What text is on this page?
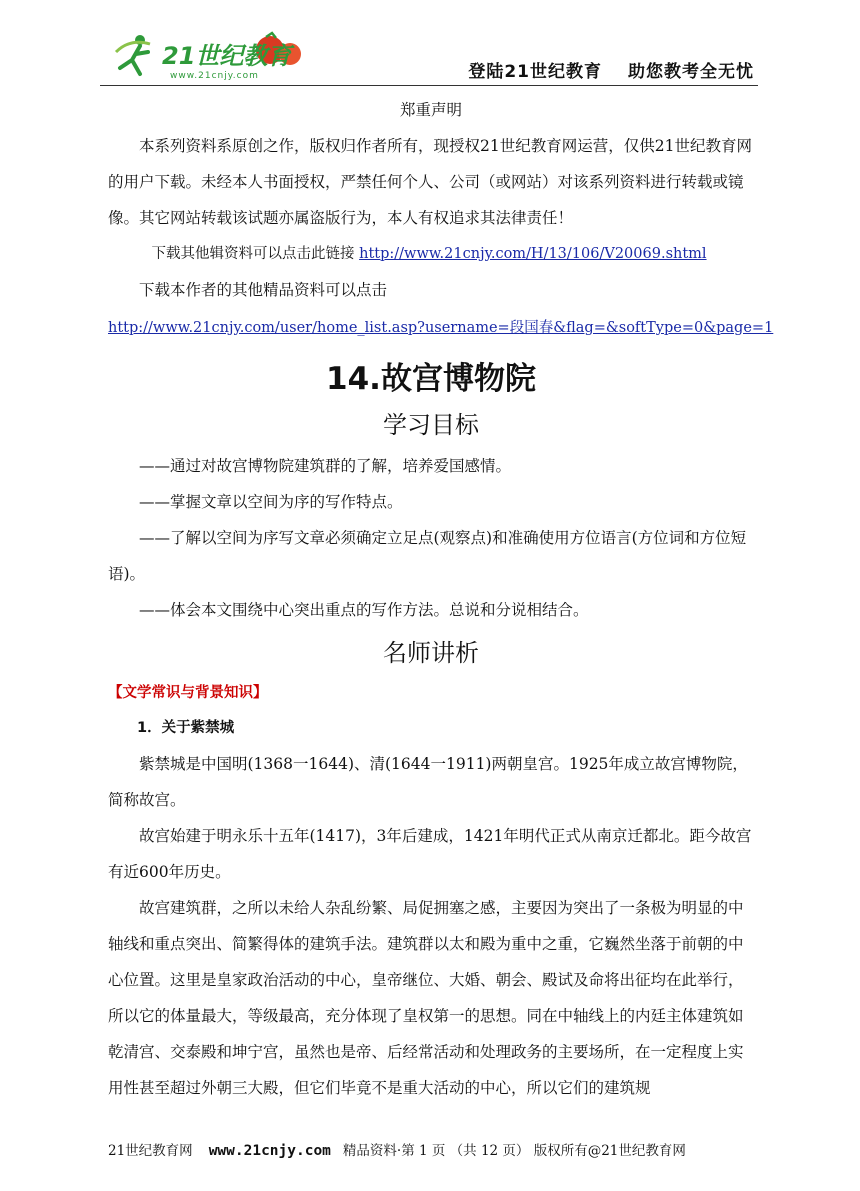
21世纪教育
www.21cnjy.com	登陆21世纪教育 助您教考全无忧

郑重声明

本系列资料系原创之作，版权归作者所有，现授权21世纪教育网运营，仅供21世纪教育网的用户下载。未经本人书面授权，严禁任何个人、公司（或网站）对该系列资料进行转载或镜像。其它网站转载该试题亦属盗版行为，本人有权追求其法律责任！

下载其他辑资料可以点击此链接 http://www.21cnjy.com/H/13/106/V20069.shtml

下载本作者的其他精品资料可以点击

http://www.21cnjy.com/user/home_list.asp?username=段国春&flag=&softType=0&page=1

14.故宫博物院
学习目标

——通过对故宫博物院建筑群的了解，培养爱国感情。

——掌握文章以空间为序的写作特点。

——了解以空间为序写文章必须确定立足点(观察点)和准确使用方位语言(方位词和方位短语)。

——体会本文围绕中心突出重点的写作方法。总说和分说相结合。

名师讲析

【文学常识与背景知识】

1．关于紫禁城

紫禁城是中国明(1368一1644)、清(1644一1911)两朝皇宫。1925年成立故宫博物院，简称故宫。

故宫始建于明永乐十五年(1417)，3年后建成，1421年明代正式从南京迁都北。距今故宫有近600年历史。

故宫建筑群，之所以未给人杂乱纷繁、局促拥塞之感，主要因为突出了一条极为明显的中轴线和重点突出、简繁得体的建筑手法。建筑群以太和殿为重中之重，它巍然坐落于前朝的中心位置。这里是皇家政治活动的中心，皇帝继位、大婚、朝会、殿试及命将出征均在此举行，所以它的体量最大，等级最高，充分体现了皇权第一的思想。同在中轴线上的内廷主体建筑如乾清宫、交泰殿和坤宁宫，虽然也是帝、后经常活动和处理政务的主要场所，在一定程度上实用性甚至超过外朝三大殿，但它们毕竟不是重大活动的中心，所以它们的建筑规

21世纪教育网 www.21cnjy.com 精品资料·第 1 页 （共 12 页） 版权所有@21世纪教育网
